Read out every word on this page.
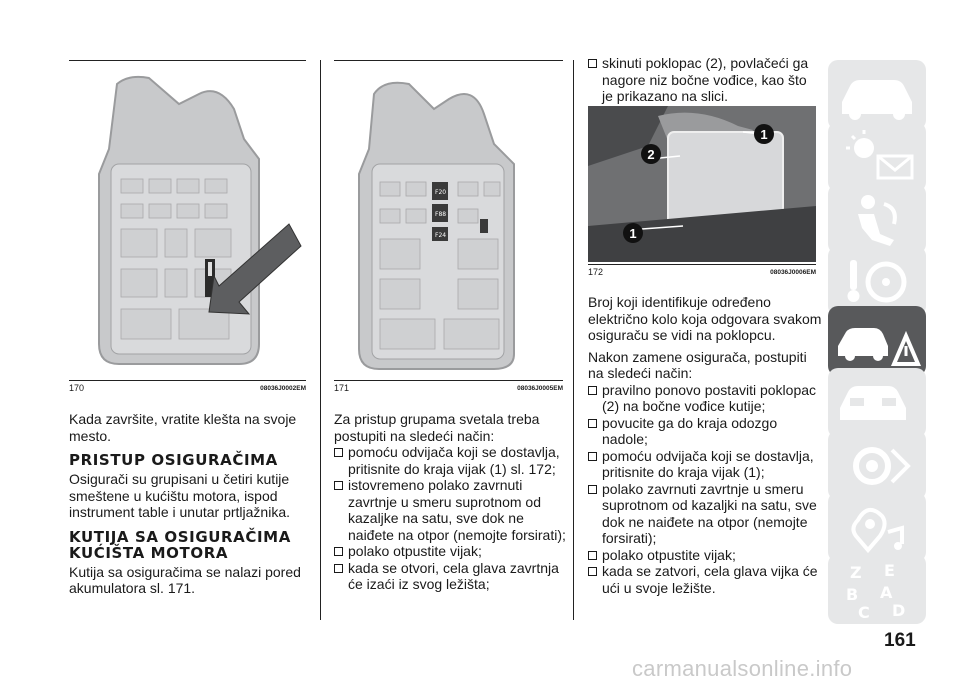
170	08036J0002EM

Kada završite, vratite klešta na svoje mesto.

PRISTUP OSIGURAČIMA

Osigurači su grupisani u četiri kutije smeštene u kućištu motora, ispod instrument table i unutar prtljažnika.

KUTIJA SA OSIGURAČIMA KUĆIŠTA MOTORA

Kutija sa osiguračima se nalazi pored akumulatora sl. 171.

F20
F88
F24
171	08036J0005EM

Za pristup grupama svetala treba postupiti na sledeći način:

pomoću odvijača koji se dostavlja, pritisnite do kraja vijak (1) sl. 172;
istovremeno polako zavrnuti zavrtnje u smeru suprotnom od kazaljke na satu, sve dok ne naiđete na otpor (nemojte forsirati);
polako otpustite vijak;
kada se otvori, cela glava zavrtnja će izaći iz svog ležišta;
skinuti poklopac (2), povlačeći ga nagore niz bočne vođice, kao što je prikazano na slici.
1
2
1
172	08036J0006EM

Broj koji identifikuje određeno električno kolo koja odgovara svakom osiguraču se vidi na poklopcu.

Nakon zamene osigurača, postupiti na sledeći način:

pravilno ponovo postaviti poklopac (2) na bočne vođice kutije;
povucite ga do kraja odozgo nadole;
pomoću odvijača koji se dostavlja, pritisnite do kraja vijak (1);
polako zavrnuti zavrtnje u smeru suprotnom od kazaljki na satu, sve dok ne naiđete na otpor (nemojte forsirati);
polako otpustite vijak;
kada se zatvori, cela glava vijka će ući u svoje ležište.
Z E
B A
C D
161
carmanualsonline.info
